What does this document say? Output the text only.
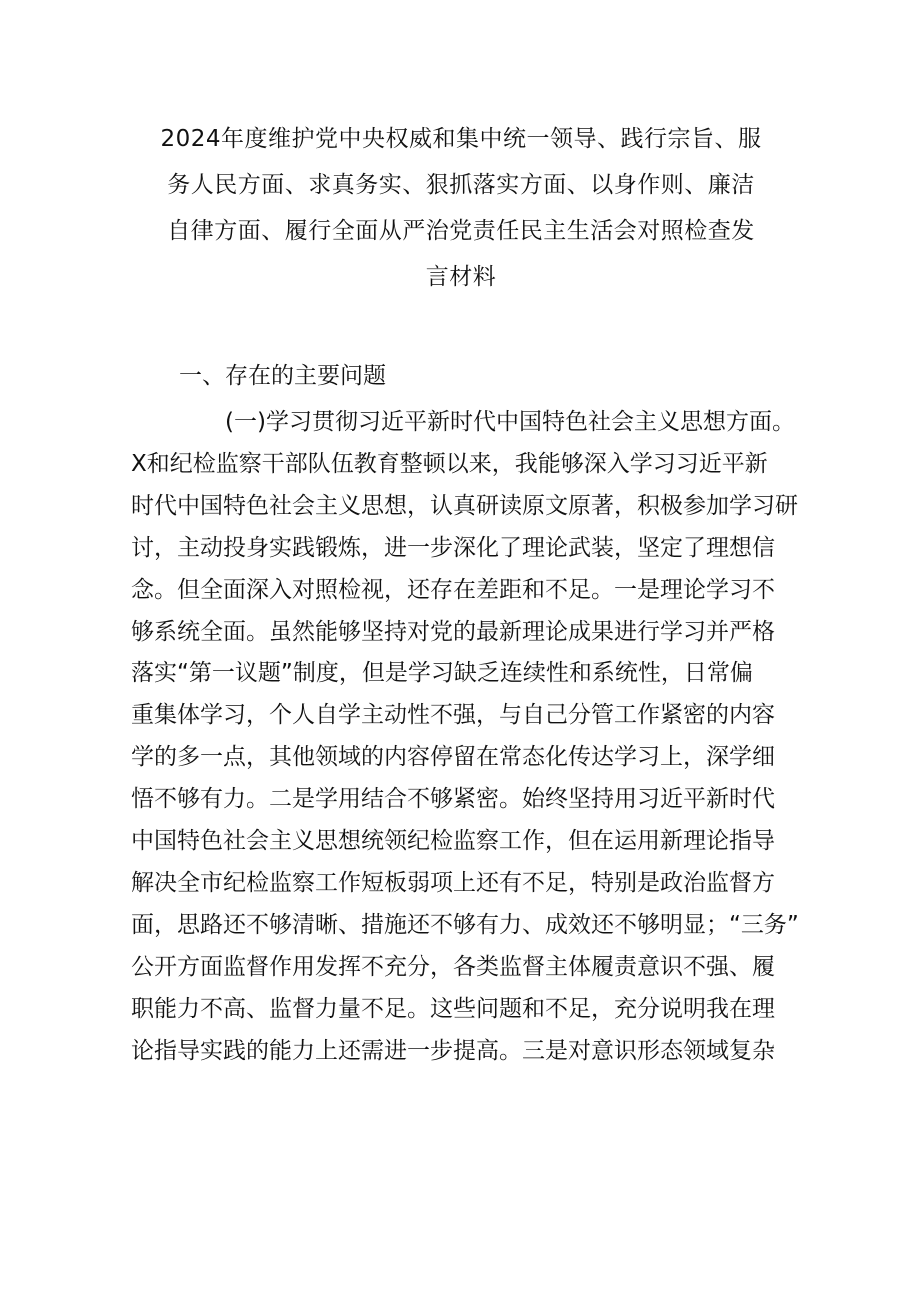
2024年度维护党中央权威和集中统一领导、践行宗旨、服
务人民方面、求真务实、狠抓落实方面、以身作则、廉洁
自律方面、履行全面从严治党责任民主生活会对照检查发
言材料
一、存在的主要问题
(一)学习贯彻习近平新时代中国特色社会主义思想方面。
X和纪检监察干部队伍教育整顿以来，我能够深入学习习近平新
时代中国特色社会主义思想，认真研读原文原著，积极参加学习研
讨，主动投身实践锻炼，进一步深化了理论武装，坚定了理想信
念。但全面深入对照检视，还存在差距和不足。一是理论学习不
够系统全面。虽然能够坚持对党的最新理论成果进行学习并严格
落实“第一议题”制度，但是学习缺乏连续性和系统性，日常偏
重集体学习，个人自学主动性不强，与自己分管工作紧密的内容
学的多一点，其他领域的内容停留在常态化传达学习上，深学细
悟不够有力。二是学用结合不够紧密。始终坚持用习近平新时代
中国特色社会主义思想统领纪检监察工作，但在运用新理论指导
解决全市纪检监察工作短板弱项上还有不足，特别是政治监督方
面，思路还不够清晰、措施还不够有力、成效还不够明显；“三务”
公开方面监督作用发挥不充分，各类监督主体履责意识不强、履
职能力不高、监督力量不足。这些问题和不足，充分说明我在理
论指导实践的能力上还需进一步提高。三是对意识形态领域复杂
